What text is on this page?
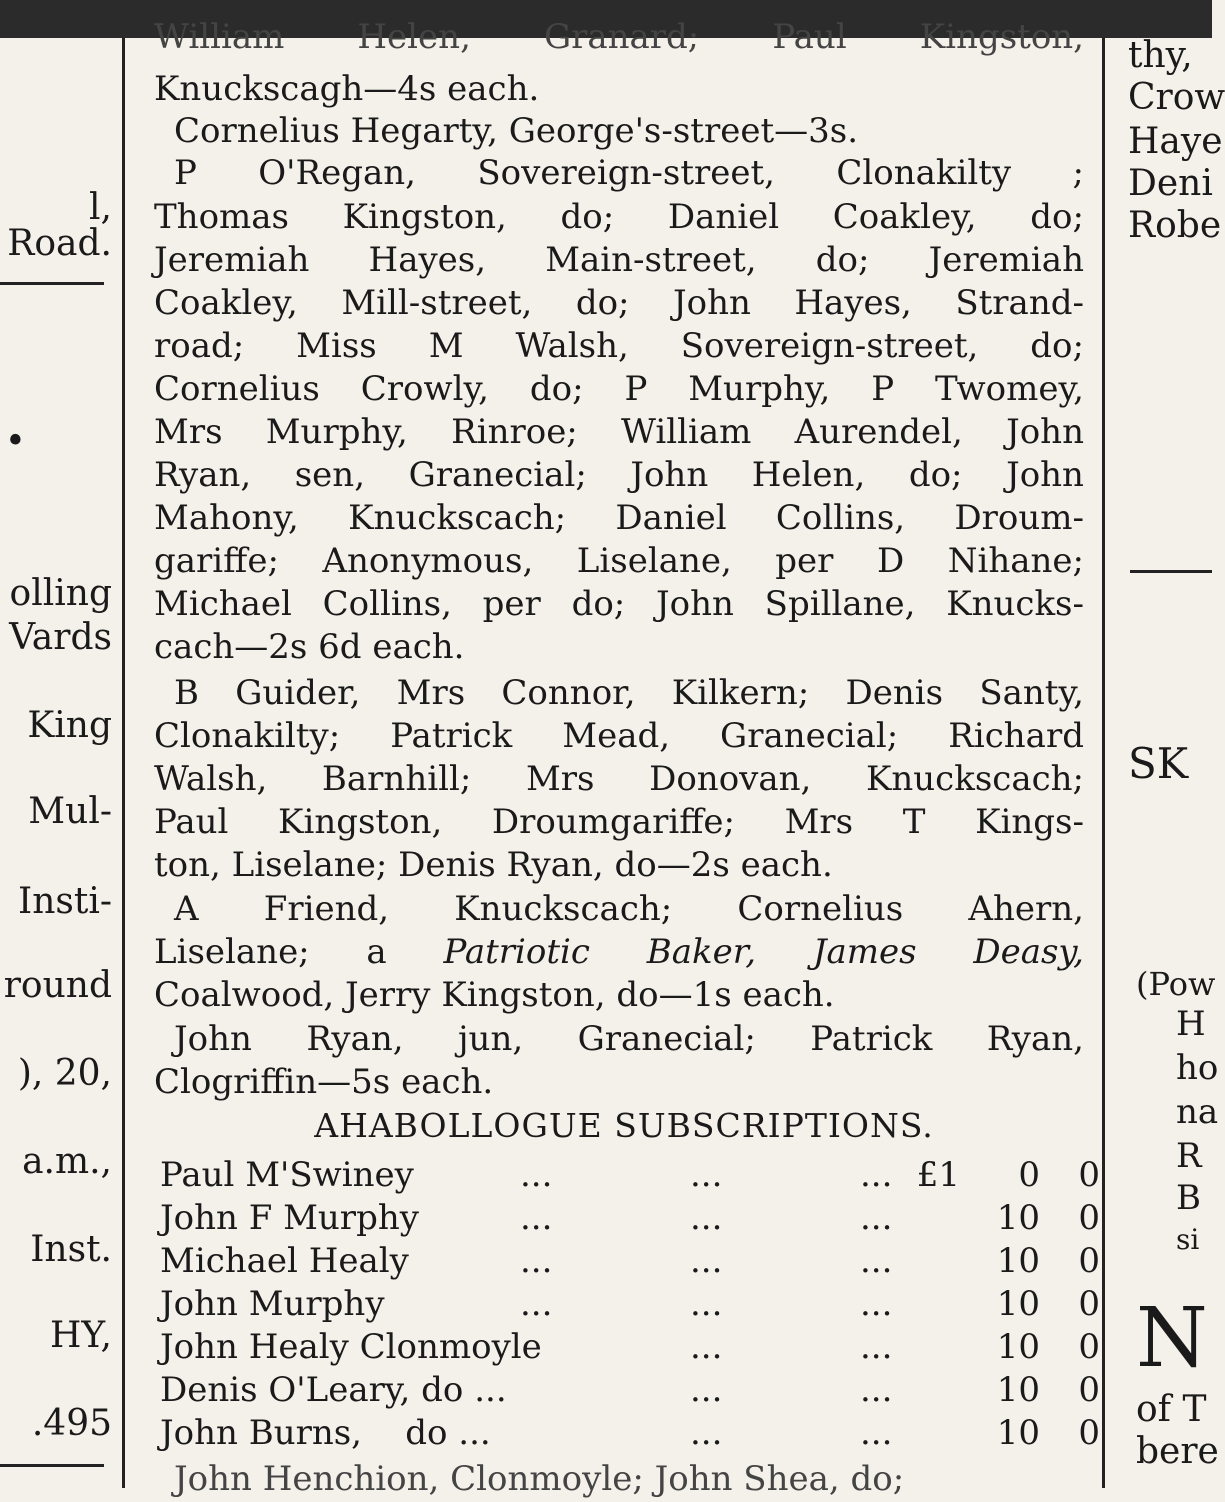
l,
Road.
•
olling
Vards
King
Mul-
Insti-
round
), 20,
a.m.,
Inst.
HY,
.495
William Helen, Granard; Paul Kingston,
Knuckscagh—4s each.
Cornelius Hegarty, George's-street—3s.
P O'Regan, Sovereign-street, Clonakilty ;
Thomas Kingston, do; Daniel Coakley, do;
Jeremiah Hayes, Main-street, do; Jeremiah
Coakley, Mill-street, do; John Hayes, Strand-
road; Miss M Walsh, Sovereign-street, do;
Cornelius Crowly, do; P Murphy, P Twomey,
Mrs Murphy, Rinroe; William Aurendel, John
Ryan, sen, Granecial; John Helen, do; John
Mahony, Knuckscach; Daniel Collins, Droum-
gariffe; Anonymous, Liselane, per D Nihane;
Michael Collins, per do; John Spillane, Knucks-
cach—2s 6d each.
B Guider, Mrs Connor, Kilkern; Denis Santy,
Clonakilty; Patrick Mead, Granecial; Richard
Walsh, Barnhill; Mrs Donovan, Knuckscach;
Paul Kingston, Droumgariffe; Mrs T Kings-
ton, Liselane; Denis Ryan, do—2s each.
A Friend, Knuckscach; Cornelius Ahern,
Liselane; a Patriotic Baker, James Deasy,
Coalwood, Jerry Kingston, do—1s each.
John Ryan, jun, Granecial; Patrick Ryan,
Clogriffin—5s each.
AHABOLLOGUE SUBSCRIPTIONS.
Paul M'Swiney	...	...	... £1	0	0
John F Murphy	...	...	...	10	0
Michael Healy	...	...	...	10	0
John Murphy	...	...	...	10	0
John Healy Clonmoyle	...	...	10	0
Denis O'Leary, do ...	...	...	10	0
John Burns,    do ...	...	...	10	0
John Henchion, Clonmoyle; John Shea, do;
thy,
Crow
Haye
Deni
Robe
SK
(Pow
H
ho
na
R
B
si
N
of T
bere
